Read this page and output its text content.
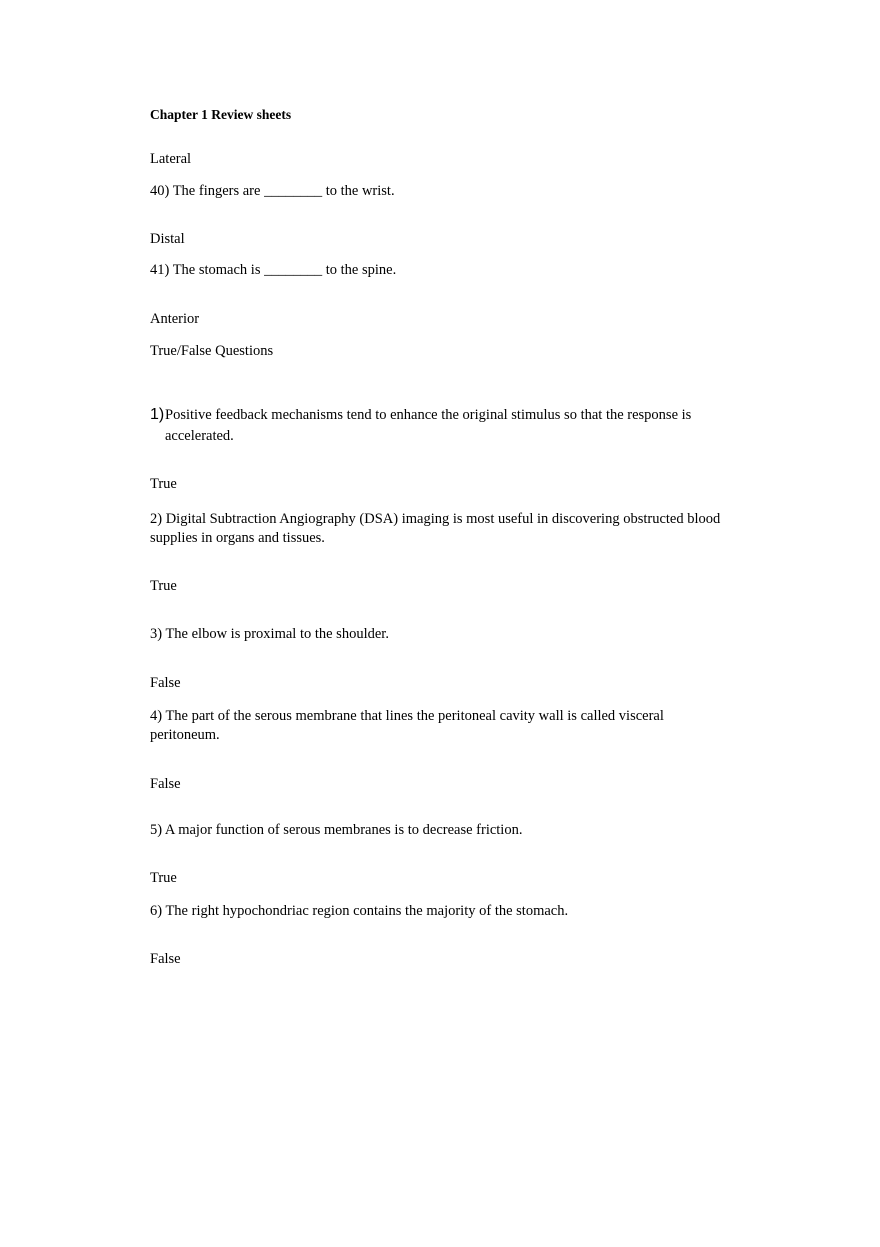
Chapter 1 Review sheets
Lateral
40) The fingers are ________ to the wrist.
Distal
41) The stomach is ________ to the spine.
Anterior
True/False Questions
1) Positive feedback mechanisms tend to enhance the original stimulus so that the response is accelerated.
True
2) Digital Subtraction Angiography (DSA) imaging is most useful in discovering obstructed blood supplies in organs and tissues.
True
3) The elbow is proximal to the shoulder.
False
4) The part of the serous membrane that lines the peritoneal cavity wall is called visceral peritoneum.
False
5) A major function of serous membranes is to decrease friction.
True
6) The right hypochondriac region contains the majority of the stomach.
False
